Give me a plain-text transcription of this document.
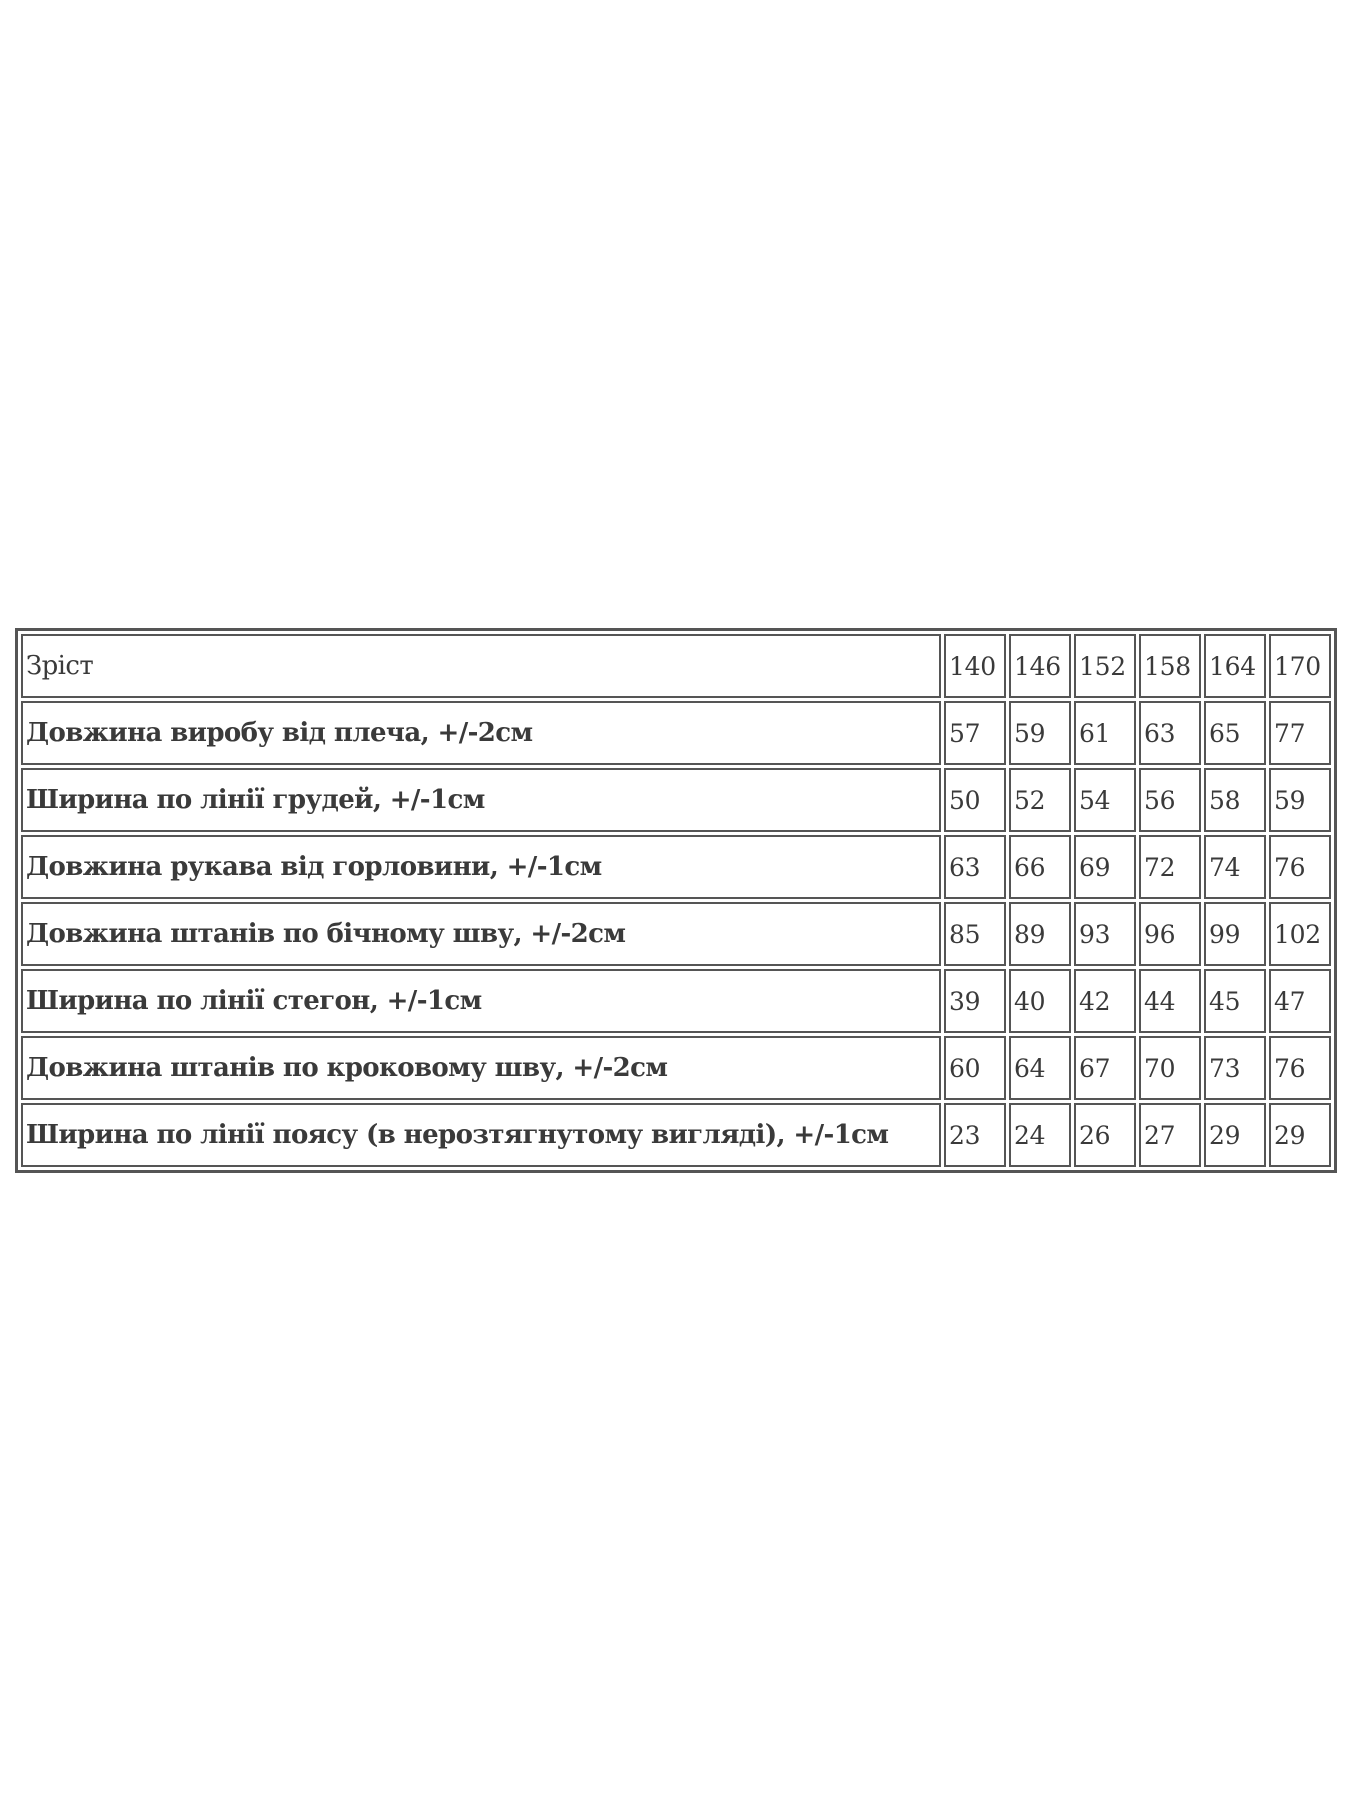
Зріст	140	146	152	158	164	170
Довжина виробу від плеча, +/-2см	57	59	61	63	65	77
Ширина по лінії грудей, +/-1см	50	52	54	56	58	59
Довжина рукава від горловини, +/-1см	63	66	69	72	74	76
Довжина штанів по бічному шву, +/-2см	85	89	93	96	99	102
Ширина по лінії стегон, +/-1см	39	40	42	44	45	47
Довжина штанів по кроковому шву, +/-2см	60	64	67	70	73	76
Ширина по лінії поясу (в нерозтягнутому вигляді), +/-1см	23	24	26	27	29	29
